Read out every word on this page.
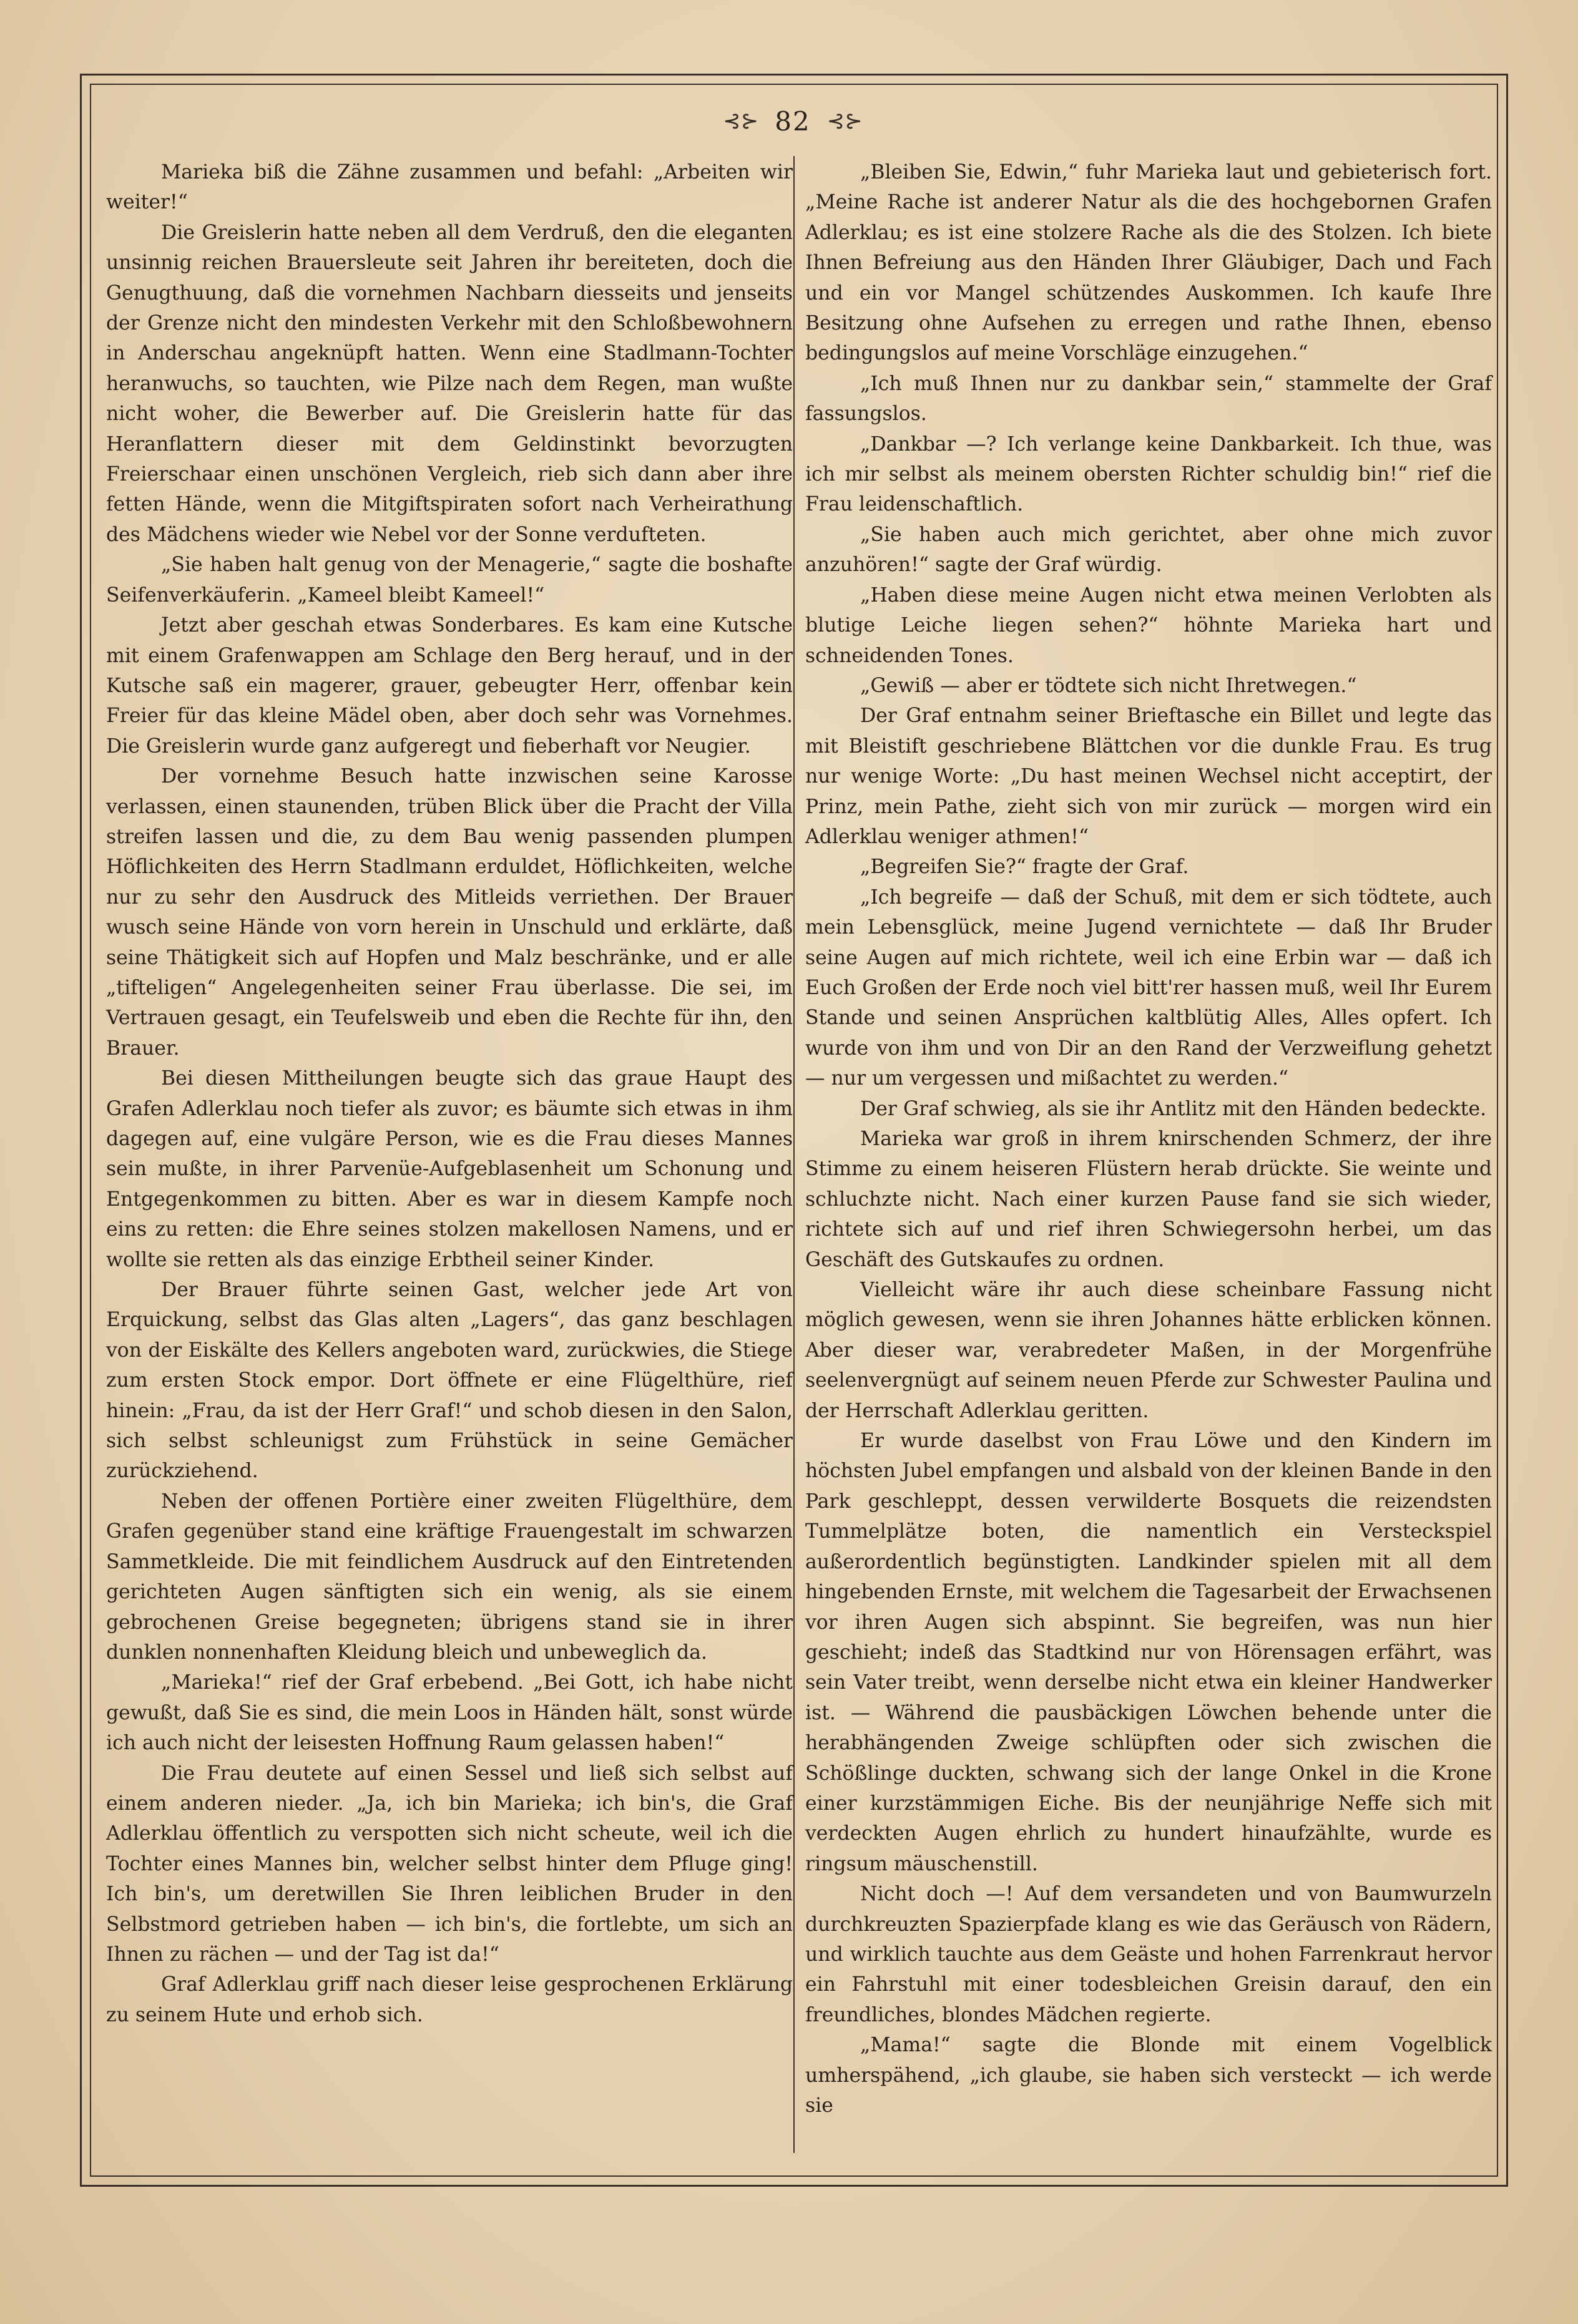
⊰⊱ 82 ⊰⊱

Marieka biß die Zähne zusammen und befahl: „Arbeiten wir weiter!“

Die Greislerin hatte neben all dem Verdruß, den die eleganten unsinnig reichen Brauersleute seit Jahren ihr bereiteten, doch die Genugthuung, daß die vornehmen Nachbarn diesseits und jenseits der Grenze nicht den mindesten Verkehr mit den Schloßbewohnern in Anderschau angeknüpft hatten. Wenn eine Stadlmann-Tochter heranwuchs, so tauchten, wie Pilze nach dem Regen, man wußte nicht woher, die Bewerber auf. Die Greislerin hatte für das Heranflattern dieser mit dem Geldinstinkt bevorzugten Freierschaar einen unschönen Vergleich, rieb sich dann aber ihre fetten Hände, wenn die Mitgiftspiraten sofort nach Verheirathung des Mädchens wieder wie Nebel vor der Sonne verdufteten.

„Sie haben halt genug von der Menagerie,“ sagte die boshafte Seifenverkäuferin. „Kameel bleibt Kameel!“

Jetzt aber geschah etwas Sonderbares. Es kam eine Kutsche mit einem Grafenwappen am Schlage den Berg herauf, und in der Kutsche saß ein magerer, grauer, gebeugter Herr, offenbar kein Freier für das kleine Mädel oben, aber doch sehr was Vornehmes. Die Greislerin wurde ganz aufgeregt und fieberhaft vor Neugier.

Der vornehme Besuch hatte inzwischen seine Karosse verlassen, einen staunenden, trüben Blick über die Pracht der Villa streifen lassen und die, zu dem Bau wenig passenden plumpen Höflichkeiten des Herrn Stadlmann erduldet, Höflichkeiten, welche nur zu sehr den Ausdruck des Mitleids verriethen. Der Brauer wusch seine Hände von vorn herein in Unschuld und erklärte, daß seine Thätigkeit sich auf Hopfen und Malz beschränke, und er alle „tifteligen“ Angelegenheiten seiner Frau überlasse. Die sei, im Vertrauen gesagt, ein Teufelsweib und eben die Rechte für ihn, den Brauer.

Bei diesen Mittheilungen beugte sich das graue Haupt des Grafen Adlerklau noch tiefer als zuvor; es bäumte sich etwas in ihm dagegen auf, eine vulgäre Person, wie es die Frau dieses Mannes sein mußte, in ihrer Parvenüe-Aufgeblasenheit um Schonung und Entgegenkommen zu bitten. Aber es war in diesem Kampfe noch eins zu retten: die Ehre seines stolzen makellosen Namens, und er wollte sie retten als das einzige Erbtheil seiner Kinder.

Der Brauer führte seinen Gast, welcher jede Art von Erquickung, selbst das Glas alten „Lagers“, das ganz beschlagen von der Eiskälte des Kellers angeboten ward, zurückwies, die Stiege zum ersten Stock empor. Dort öffnete er eine Flügelthüre, rief hinein: „Frau, da ist der Herr Graf!“ und schob diesen in den Salon, sich selbst schleunigst zum Frühstück in seine Gemächer zurückziehend.

Neben der offenen Portière einer zweiten Flügelthüre, dem Grafen gegenüber stand eine kräftige Frauengestalt im schwarzen Sammetkleide. Die mit feindlichem Ausdruck auf den Eintretenden gerichteten Augen sänftigten sich ein wenig, als sie einem gebrochenen Greise begegneten; übrigens stand sie in ihrer dunklen nonnenhaften Kleidung bleich und unbeweglich da.

„Marieka!“ rief der Graf erbebend. „Bei Gott, ich habe nicht gewußt, daß Sie es sind, die mein Loos in Händen hält, sonst würde ich auch nicht der leisesten Hoffnung Raum gelassen haben!“

Die Frau deutete auf einen Sessel und ließ sich selbst auf einem anderen nieder. „Ja, ich bin Marieka; ich bin's, die Graf Adlerklau öffentlich zu verspotten sich nicht scheute, weil ich die Tochter eines Mannes bin, welcher selbst hinter dem Pfluge ging! Ich bin's, um deretwillen Sie Ihren leiblichen Bruder in den Selbstmord getrieben haben — ich bin's, die fortlebte, um sich an Ihnen zu rächen — und der Tag ist da!“

Graf Adlerklau griff nach dieser leise gesprochenen Erklärung zu seinem Hute und erhob sich.

„Bleiben Sie, Edwin,“ fuhr Marieka laut und gebieterisch fort. „Meine Rache ist anderer Natur als die des hochgebornen Grafen Adlerklau; es ist eine stolzere Rache als die des Stolzen. Ich biete Ihnen Befreiung aus den Händen Ihrer Gläubiger, Dach und Fach und ein vor Mangel schützendes Auskommen. Ich kaufe Ihre Besitzung ohne Aufsehen zu erregen und rathe Ihnen, ebenso bedingungslos auf meine Vorschläge einzugehen.“

„Ich muß Ihnen nur zu dankbar sein,“ stammelte der Graf fassungslos.

„Dankbar —? Ich verlange keine Dankbarkeit. Ich thue, was ich mir selbst als meinem obersten Richter schuldig bin!“ rief die Frau leidenschaftlich.

„Sie haben auch mich gerichtet, aber ohne mich zuvor anzuhören!“ sagte der Graf würdig.

„Haben diese meine Augen nicht etwa meinen Verlobten als blutige Leiche liegen sehen?“ höhnte Marieka hart und schneidenden Tones.

„Gewiß — aber er tödtete sich nicht Ihretwegen.“

Der Graf entnahm seiner Brieftasche ein Billet und legte das mit Bleistift geschriebene Blättchen vor die dunkle Frau. Es trug nur wenige Worte: „Du hast meinen Wechsel nicht acceptirt, der Prinz, mein Pathe, zieht sich von mir zurück — morgen wird ein Adlerklau weniger athmen!“

„Begreifen Sie?“ fragte der Graf.

„Ich begreife — daß der Schuß, mit dem er sich tödtete, auch mein Lebensglück, meine Jugend vernichtete — daß Ihr Bruder seine Augen auf mich richtete, weil ich eine Erbin war — daß ich Euch Großen der Erde noch viel bitt'rer hassen muß, weil Ihr Eurem Stande und seinen Ansprüchen kaltblütig Alles, Alles opfert. Ich wurde von ihm und von Dir an den Rand der Verzweiflung gehetzt — nur um vergessen und mißachtet zu werden.“

Der Graf schwieg, als sie ihr Antlitz mit den Händen bedeckte.

Marieka war groß in ihrem knirschenden Schmerz, der ihre Stimme zu einem heiseren Flüstern herab drückte. Sie weinte und schluchzte nicht. Nach einer kurzen Pause fand sie sich wieder, richtete sich auf und rief ihren Schwiegersohn herbei, um das Geschäft des Gutskaufes zu ordnen.

Vielleicht wäre ihr auch diese scheinbare Fassung nicht möglich gewesen, wenn sie ihren Johannes hätte erblicken können. Aber dieser war, verabredeter Maßen, in der Morgenfrühe seelenvergnügt auf seinem neuen Pferde zur Schwester Paulina und der Herrschaft Adlerklau geritten.

Er wurde daselbst von Frau Löwe und den Kindern im höchsten Jubel empfangen und alsbald von der kleinen Bande in den Park geschleppt, dessen verwilderte Bosquets die reizendsten Tummelplätze boten, die namentlich ein Versteckspiel außerordentlich begünstigten. Landkinder spielen mit all dem hingebenden Ernste, mit welchem die Tagesarbeit der Erwachsenen vor ihren Augen sich abspinnt. Sie begreifen, was nun hier geschieht; indeß das Stadtkind nur von Hörensagen erfährt, was sein Vater treibt, wenn derselbe nicht etwa ein kleiner Handwerker ist. — Während die pausbäckigen Löwchen behende unter die herabhängenden Zweige schlüpften oder sich zwischen die Schößlinge duckten, schwang sich der lange Onkel in die Krone einer kurzstämmigen Eiche. Bis der neunjährige Neffe sich mit verdeckten Augen ehrlich zu hundert hinaufzählte, wurde es ringsum mäuschenstill.

Nicht doch —! Auf dem versandeten und von Baumwurzeln durchkreuzten Spazierpfade klang es wie das Geräusch von Rädern, und wirklich tauchte aus dem Geäste und hohen Farrenkraut hervor ein Fahrstuhl mit einer todesbleichen Greisin darauf, den ein freundliches, blondes Mädchen regierte.

„Mama!“ sagte die Blonde mit einem Vogelblick umherspähend, „ich glaube, sie haben sich versteckt — ich werde sie
